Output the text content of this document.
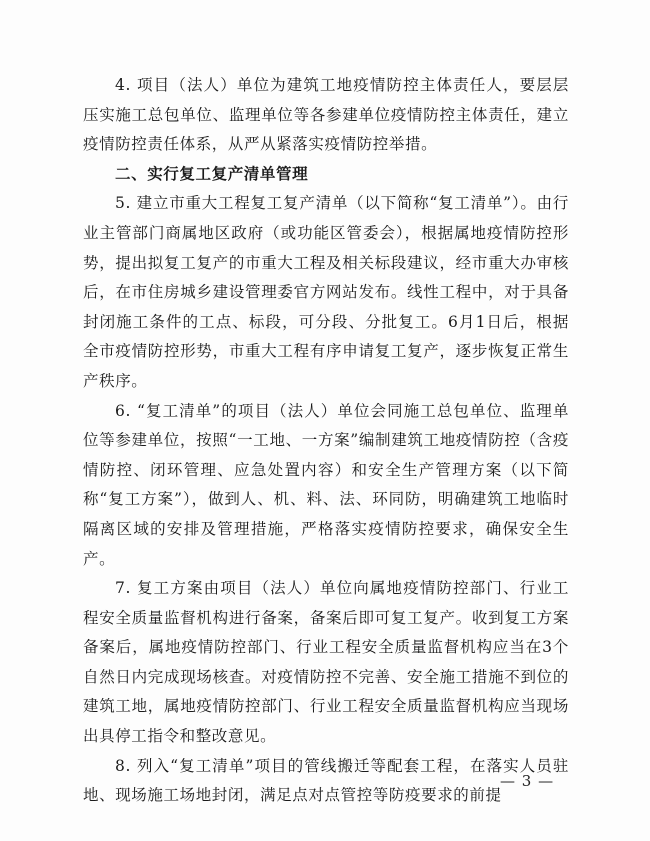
4. 项目（法人）单位为建筑工地疫情防控主体责任人，要层层压实施工总包单位、监理单位等各参建单位疫情防控主体责任，建立疫情防控责任体系，从严从紧落实疫情防控举措。

二、实行复工复产清单管理

5. 建立市重大工程复工复产清单（以下简称“复工清单”）。由行业主管部门商属地区政府（或功能区管委会），根据属地疫情防控形势，提出拟复工复产的市重大工程及相关标段建议，经市重大办审核后，在市住房城乡建设管理委官方网站发布。线性工程中，对于具备封闭施工条件的工点、标段，可分段、分批复工。6月1日后，根据全市疫情防控形势，市重大工程有序申请复工复产，逐步恢复正常生产秩序。

6. “复工清单”的项目（法人）单位会同施工总包单位、监理单位等参建单位，按照“一工地、一方案”编制建筑工地疫情防控（含疫情防控、闭环管理、应急处置内容）和安全生产管理方案（以下简称“复工方案”），做到人、机、料、法、环同防，明确建筑工地临时隔离区域的安排及管理措施，严格落实疫情防控要求，确保安全生产。

7. 复工方案由项目（法人）单位向属地疫情防控部门、行业工程安全质量监督机构进行备案，备案后即可复工复产。收到复工方案备案后，属地疫情防控部门、行业工程安全质量监督机构应当在3个自然日内完成现场核查。对疫情防控不完善、安全施工措施不到位的建筑工地，属地疫情防控部门、行业工程安全质量监督机构应当现场出具停工指令和整改意见。

8. 列入“复工清单”项目的管线搬迁等配套工程，在落实人员驻地、现场施工场地封闭，满足点对点管控等防疫要求的前提

— 3 —
